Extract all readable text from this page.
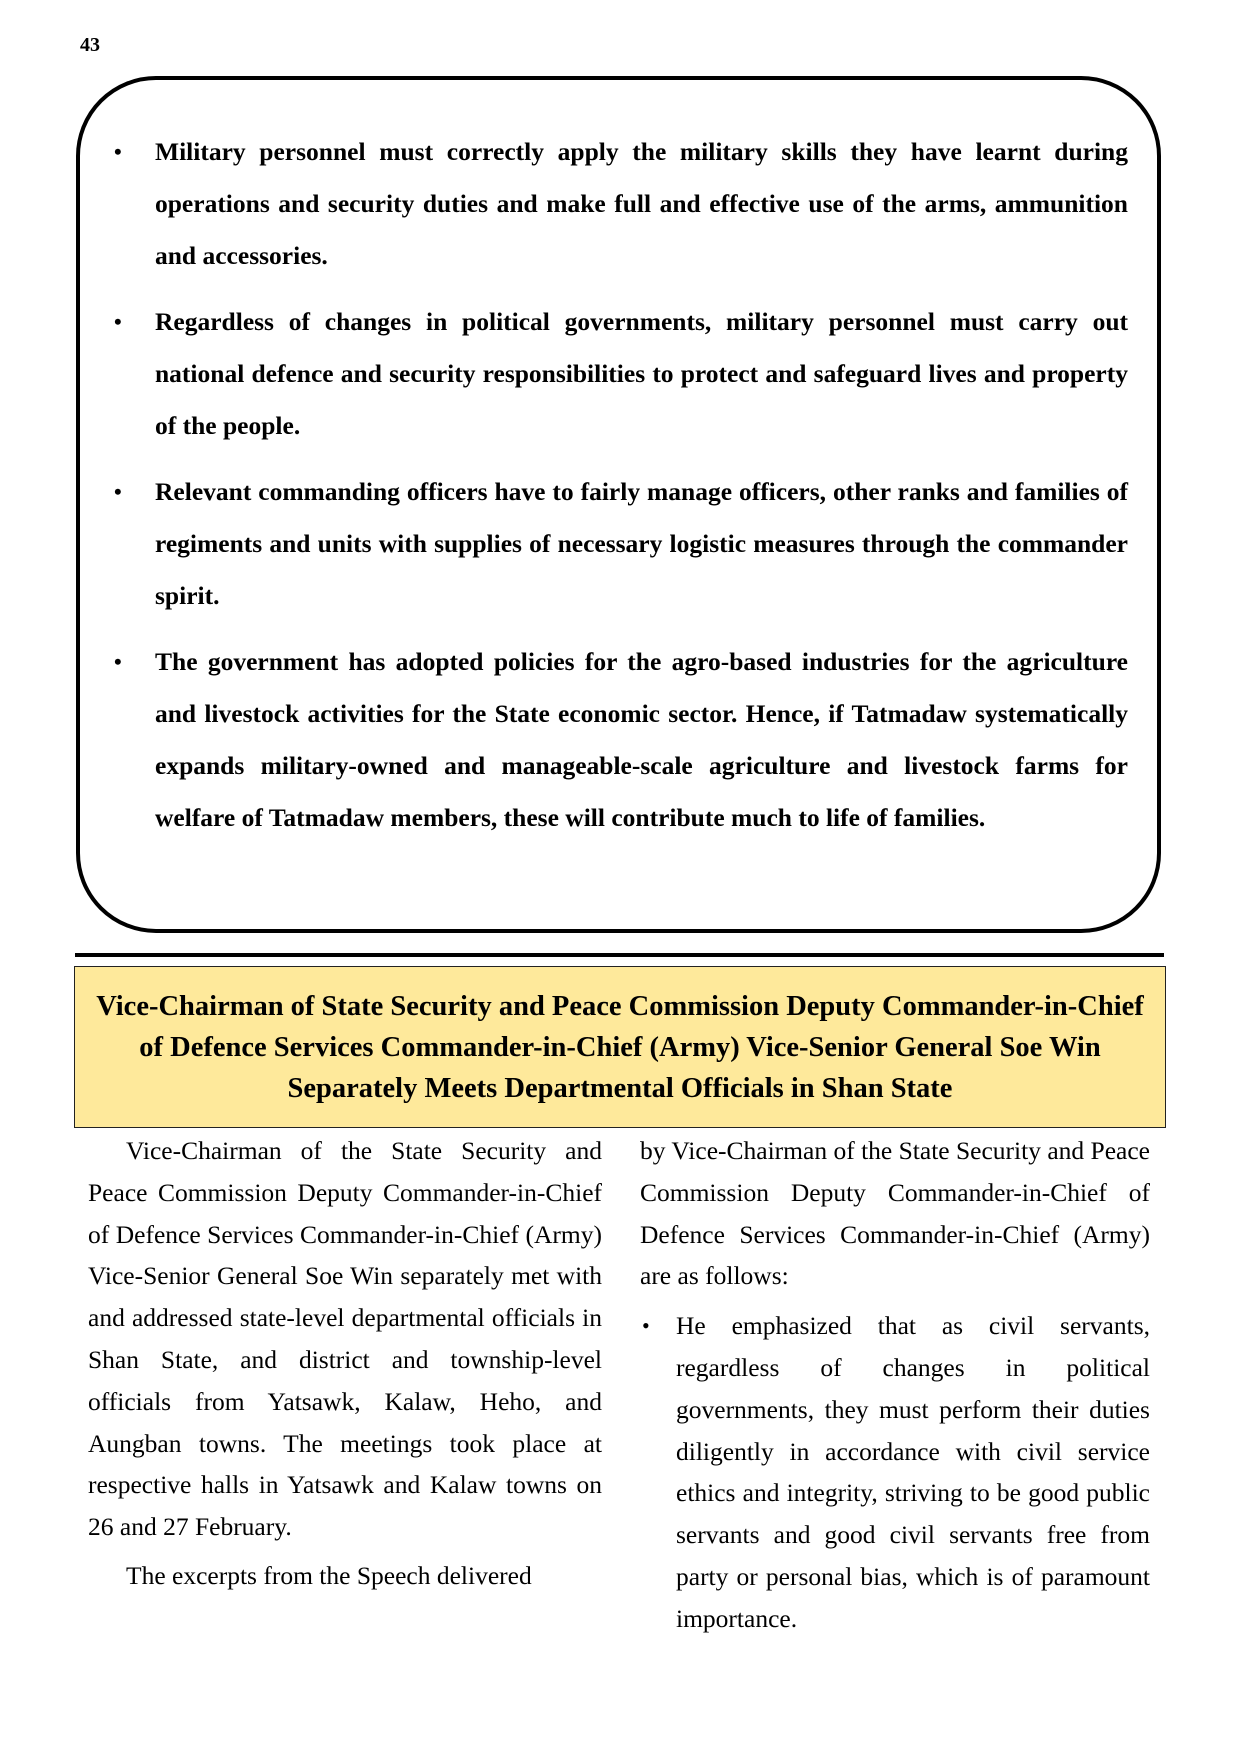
43
• Military personnel must correctly apply the military skills they have learnt during operations and security duties and make full and effective use of the arms, ammunition and accessories.
• Regardless of changes in political governments, military personnel must carry out national defence and security responsibilities to protect and safeguard lives and property of the people.
• Relevant commanding officers have to fairly manage officers, other ranks and families of regiments and units with supplies of necessary logistic measures through the commander spirit.
• The government has adopted policies for the agro-based industries for the agriculture and livestock activities for the State economic sector. Hence, if Tatmadaw systematically expands military-owned and manageable-scale agriculture and livestock farms for welfare of Tatmadaw members, these will contribute much to life of families.
Vice-Chairman of State Security and Peace Commission Deputy Commander-in-Chief of Defence Services Commander-in-Chief (Army) Vice-Senior General Soe Win Separately Meets Departmental Officials in Shan State

Vice-Chairman of the State Security and Peace Commission Deputy Commander-in-Chief of Defence Services Commander-in-Chief (Army) Vice-Senior General Soe Win separately met with and addressed state-level departmental officials in Shan State, and district and township-level officials from Yatsawk, Kalaw, Heho, and Aungban towns. The meetings took place at respective halls in Yatsawk and Kalaw towns on 26 and 27 February.

The excerpts from the Speech delivered

by Vice-Chairman of the State Security and Peace Commission Deputy Commander-in-Chief of Defence Services Commander-in-Chief (Army) are as follows:

• He emphasized that as civil servants, regardless of changes in political governments, they must perform their duties diligently in accordance with civil service ethics and integrity, striving to be good public servants and good civil servants free from party or personal bias, which is of paramount importance.
